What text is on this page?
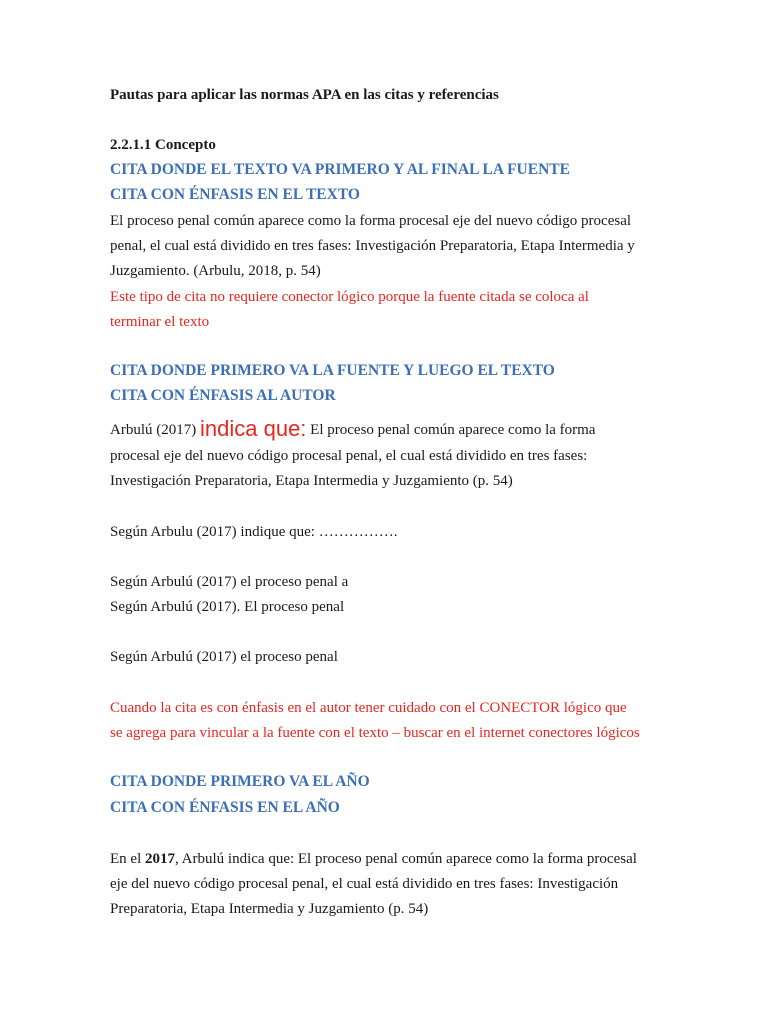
Pautas para aplicar las normas APA en las citas y referencias
2.2.1.1 Concepto
CITA DONDE EL TEXTO VA PRIMERO Y AL FINAL LA FUENTE
CITA CON ÉNFASIS EN EL TEXTO
El proceso penal común aparece como la forma procesal eje del nuevo código procesal
penal, el cual está dividido en tres fases: Investigación Preparatoria, Etapa Intermedia y
Juzgamiento. (Arbulu, 2018, p. 54)
Este tipo de cita no requiere conector lógico porque la fuente citada se coloca al
terminar el texto
CITA DONDE PRIMERO VA LA FUENTE Y LUEGO EL TEXTO
CITA CON ÉNFASIS AL AUTOR
Arbulú (2017) indica que: El proceso penal común aparece como la forma
procesal eje del nuevo código procesal penal, el cual está dividido en tres fases:
Investigación Preparatoria, Etapa Intermedia y Juzgamiento (p. 54)
Según Arbulu (2017) indique que: …………….
Según Arbulú (2017) el proceso penal a
Según Arbulú (2017). El proceso penal
Según Arbulú (2017) el proceso penal
Cuando la cita es con énfasis en el autor tener cuidado con el CONECTOR lógico que
se agrega para vincular a la fuente con el texto – buscar en el internet conectores lógicos
CITA DONDE PRIMERO VA EL AÑO
CITA CON ÉNFASIS EN EL AÑO
En el 2017, Arbulú indica que: El proceso penal común aparece como la forma procesal
eje del nuevo código procesal penal, el cual está dividido en tres fases: Investigación
Preparatoria, Etapa Intermedia y Juzgamiento (p. 54)
